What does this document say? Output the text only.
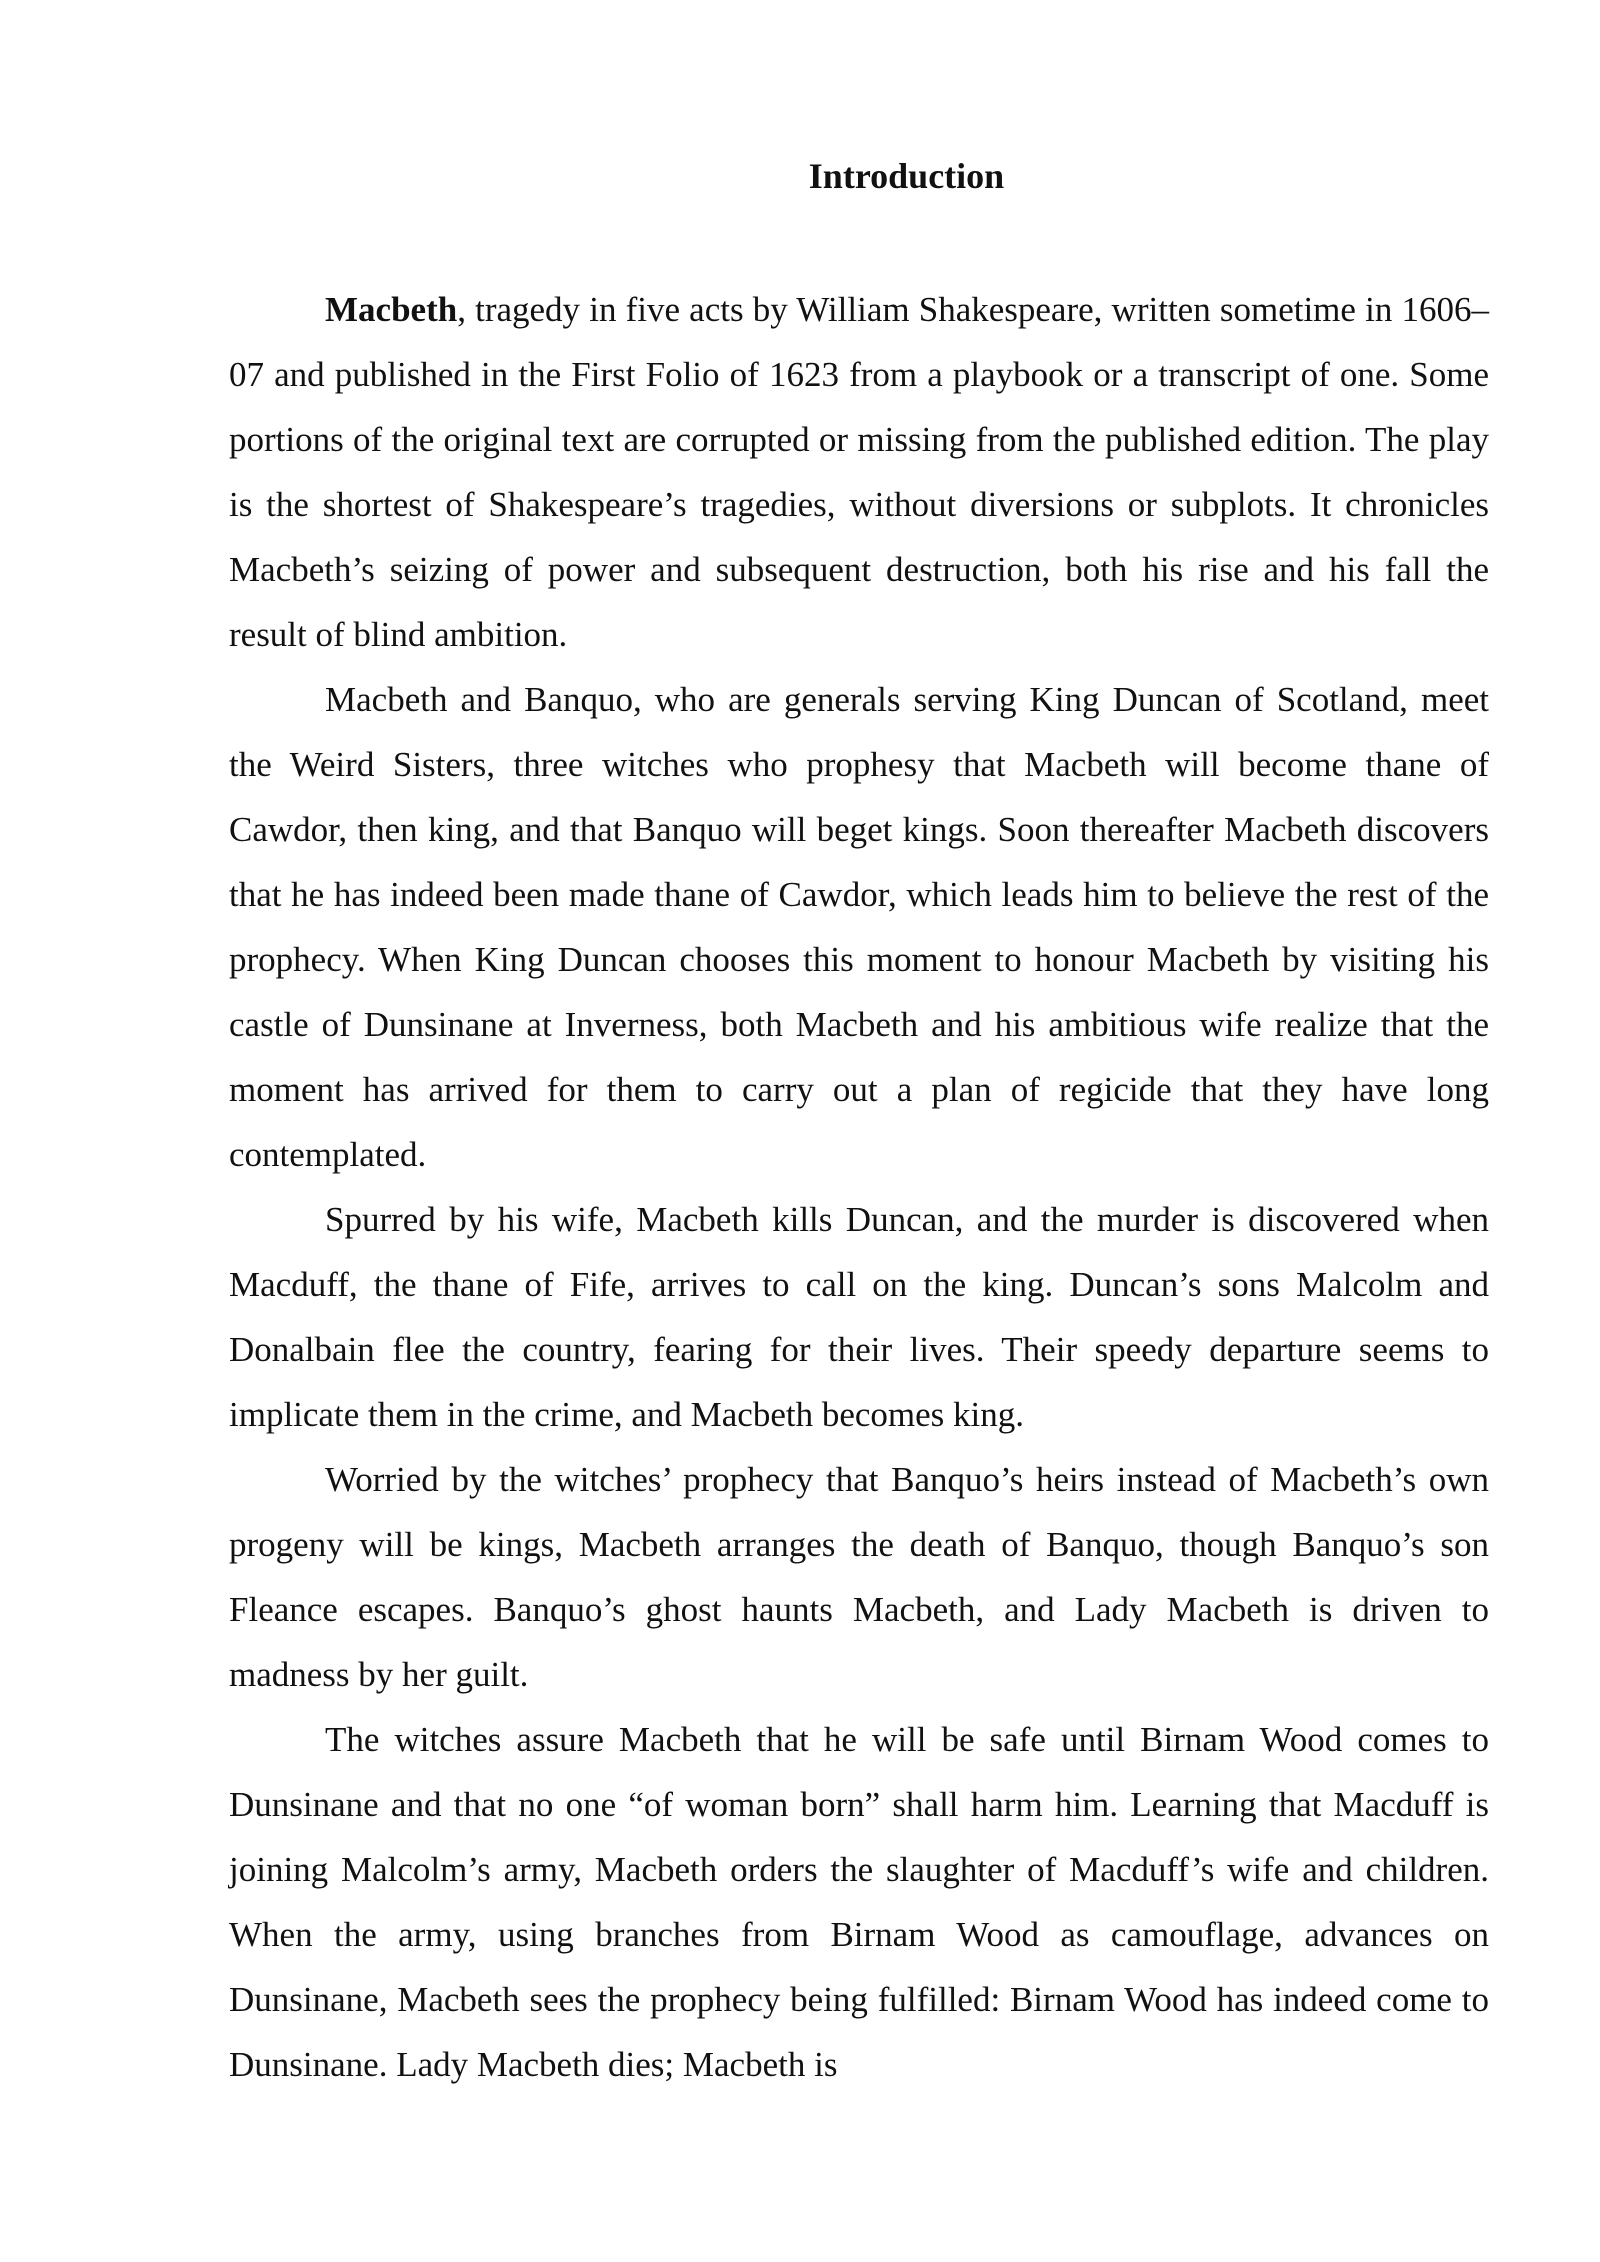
Introduction

Macbeth, tragedy in five acts by William Shakespeare, written sometime in 1606–07 and published in the First Folio of 1623 from a playbook or a transcript of one. Some portions of the original text are corrupted or missing from the published edition. The play is the shortest of Shakespeare’s tragedies, without diversions or subplots. It chronicles Macbeth’s seizing of power and subsequent destruction, both his rise and his fall the result of blind ambition.

Macbeth and Banquo, who are generals serving King Duncan of Scotland, meet the Weird Sisters, three witches who prophesy that Macbeth will become thane of Cawdor, then king, and that Banquo will beget kings. Soon thereafter Macbeth discovers that he has indeed been made thane of Cawdor, which leads him to believe the rest of the prophecy. When King Duncan chooses this moment to honour Macbeth by visiting his castle of Dunsinane at Inverness, both Macbeth and his ambitious wife realize that the moment has arrived for them to carry out a plan of regicide that they have long contemplated.

Spurred by his wife, Macbeth kills Duncan, and the murder is discovered when Macduff, the thane of Fife, arrives to call on the king. Duncan’s sons Malcolm and Donalbain flee the country, fearing for their lives. Their speedy departure seems to implicate them in the crime, and Macbeth becomes king.

Worried by the witches’ prophecy that Banquo’s heirs instead of Macbeth’s own progeny will be kings, Macbeth arranges the death of Banquo, though Banquo’s son Fleance escapes. Banquo’s ghost haunts Macbeth, and Lady Macbeth is driven to madness by her guilt.

The witches assure Macbeth that he will be safe until Birnam Wood comes to Dunsinane and that no one “of woman born” shall harm him. Learning that Macduff is joining Malcolm’s army, Macbeth orders the slaughter of Macduff’s wife and children. When the army, using branches from Birnam Wood as camouflage, advances on Dunsinane, Macbeth sees the prophecy being fulfilled: Birnam Wood has indeed come to Dunsinane. Lady Macbeth dies; Macbeth is
